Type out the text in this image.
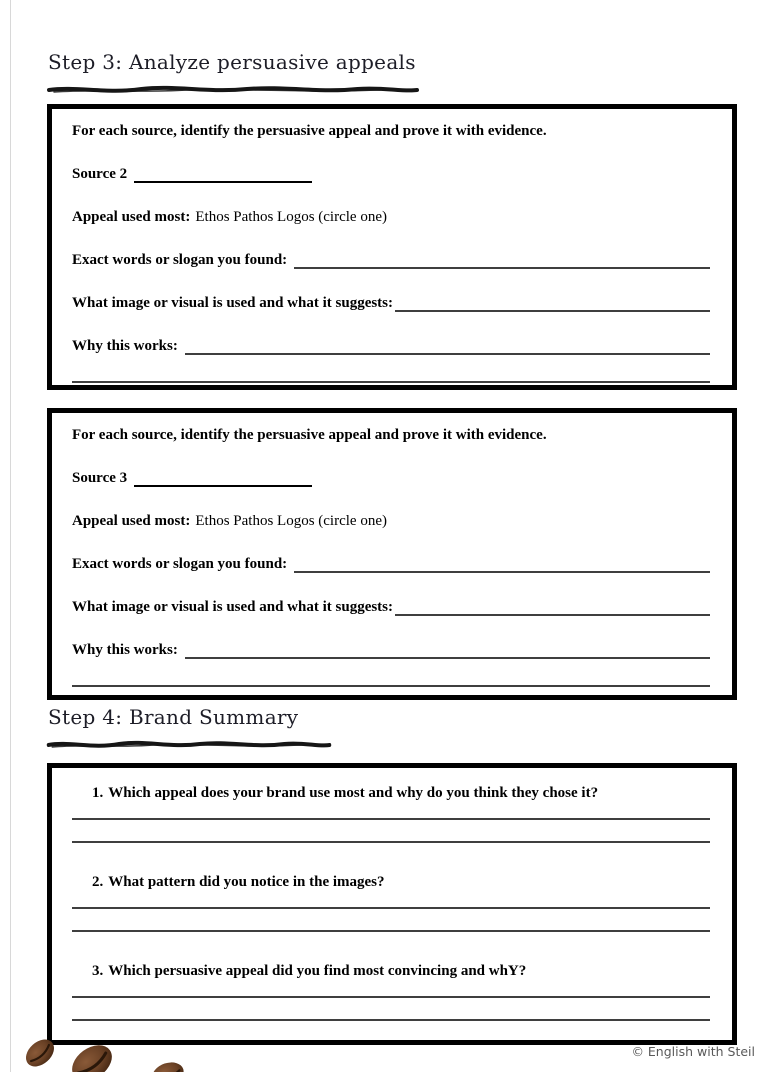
Step 3: Analyze persuasive appeals
For each source, identify the persuasive appeal and prove it with evidence.
Source 2
Appeal used most: Ethos Pathos Logos (circle one)
Exact words or slogan you found:
What image or visual is used and what it suggests:
Why this works:
For each source, identify the persuasive appeal and prove it with evidence.
Source 3
Appeal used most: Ethos Pathos Logos (circle one)
Exact words or slogan you found:
What image or visual is used and what it suggests:
Why this works:
Step 4: Brand Summary
1. Which appeal does your brand use most and why do you think they chose it?
2. What pattern did you notice in the images?
3. Which persuasive appeal did you find most convincing and whY?
© English with Steil
